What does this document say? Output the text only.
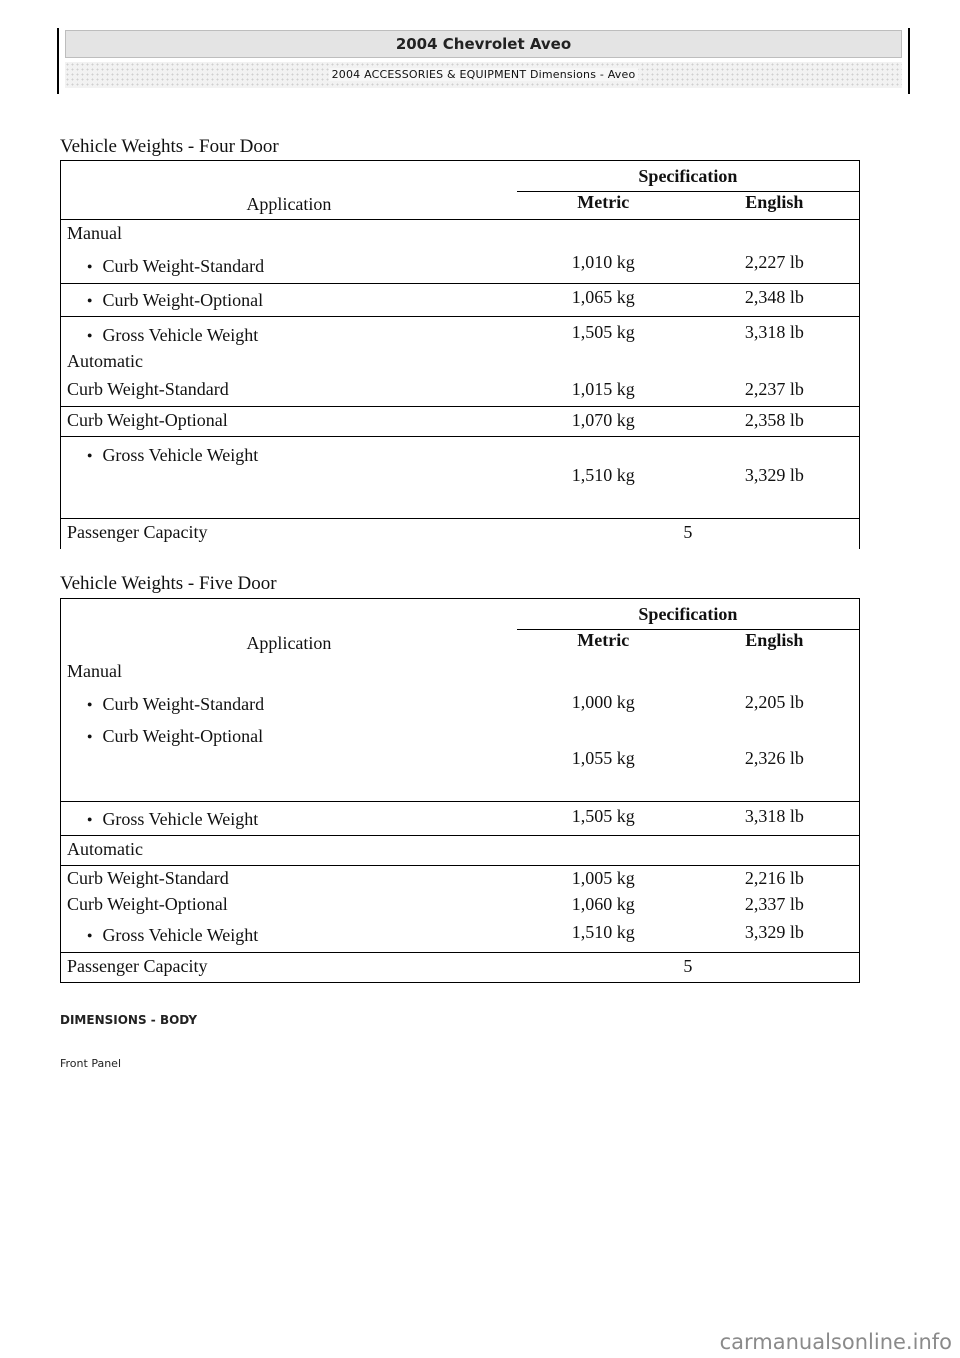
2004 Chevrolet Aveo
2004 ACCESSORIES & EQUIPMENT Dimensions - Aveo
Vehicle Weights - Four Door
Application	Specification	
	Metric	English
Manual		
● Curb Weight-Standard	1,010 kg	2,227 lb
● Curb Weight-Optional	1,065 kg	2,348 lb
● Gross Vehicle Weight	1,505 kg	3,318 lb
Automatic		
Curb Weight-Standard	1,015 kg	2,237 lb
Curb Weight-Optional	1,070 kg	2,358 lb
● Gross Vehicle Weight	1,510 kg	3,329 lb
Passenger Capacity	5	
Vehicle Weights - Five Door
Application	Specification	
	Metric	English
Manual		
● Curb Weight-Standard	1,000 kg	2,205 lb
● Curb Weight-Optional	1,055 kg	2,326 lb
● Gross Vehicle Weight	1,505 kg	3,318 lb
Automatic		
Curb Weight-Standard	1,005 kg	2,216 lb
Curb Weight-Optional	1,060 kg	2,337 lb
● Gross Vehicle Weight	1,510 kg	3,329 lb
Passenger Capacity	5	
DIMENSIONS - BODY
Front Panel
carmanualsonline.info
